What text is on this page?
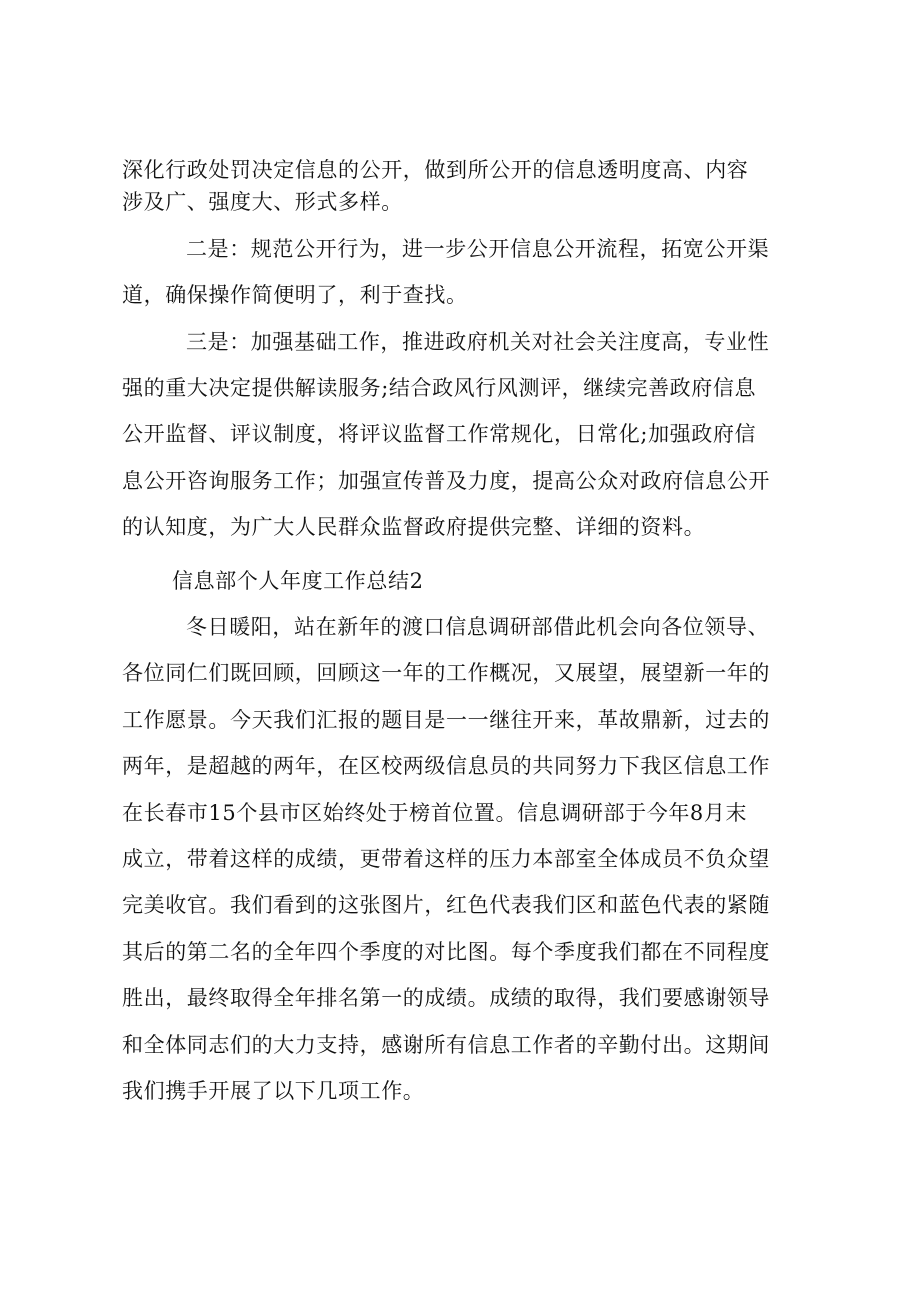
深化行政处罚决定信息的公开，做到所公开的信息透明度高、内容
涉及广、强度大、形式多样。
二是：规范公开行为，进一步公开信息公开流程，拓宽公开渠
道，确保操作简便明了，利于查找。
三是：加强基础工作，推进政府机关对社会关注度高，专业性
强的重大决定提供解读服务;结合政风行风测评，继续完善政府信息
公开监督、评议制度，将评议监督工作常规化，日常化;加强政府信
息公开咨询服务工作；加强宣传普及力度，提高公众对政府信息公开
的认知度，为广大人民群众监督政府提供完整、详细的资料。
信息部个人年度工作总结2
冬日暖阳，站在新年的渡口信息调研部借此机会向各位领导、
各位同仁们既回顾，回顾这一年的工作概况，又展望，展望新一年的
工作愿景。今天我们汇报的题目是一一继往开来，革故鼎新，过去的
两年，是超越的两年，在区校两级信息员的共同努力下我区信息工作
在长春市15个县市区始终处于榜首位置。信息调研部于今年8月末
成立，带着这样的成绩，更带着这样的压力本部室全体成员不负众望
完美收官。我们看到的这张图片，红色代表我们区和蓝色代表的紧随
其后的第二名的全年四个季度的对比图。每个季度我们都在不同程度
胜出，最终取得全年排名第一的成绩。成绩的取得，我们要感谢领导
和全体同志们的大力支持，感谢所有信息工作者的辛勤付出。这期间
我们携手开展了以下几项工作。
